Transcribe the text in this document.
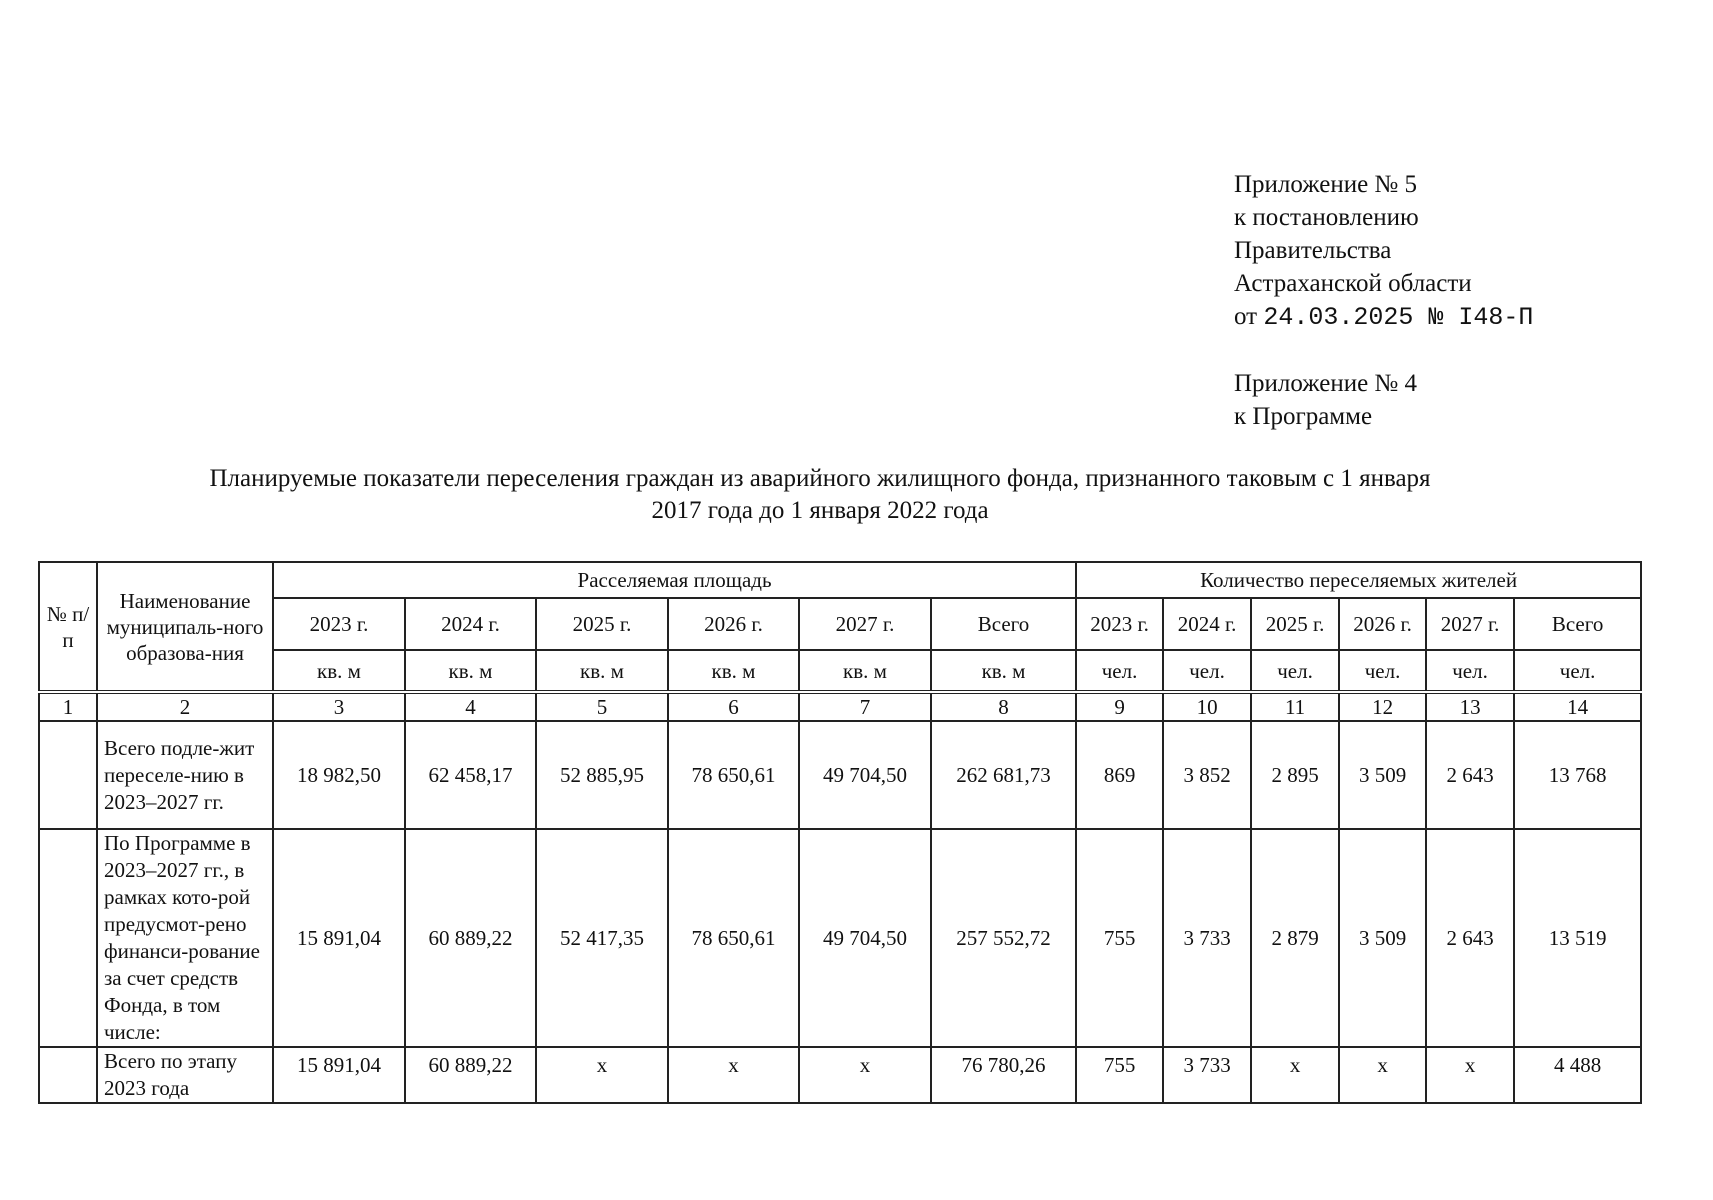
Приложение № 5
к постановлению
Правительства
Астраханской области
от 24.03.2025 № I48-П
Приложение № 4
к Программе
Планируемые показатели переселения граждан из аварийного жилищного фонда, признанного таковым с 1 января
2017 года до 1 января 2022 года
№ п/п	Наименование муниципаль-ного образова-ния	Расселяемая площадь						Количество переселяемых жителей					
		2023 г.	2024 г.	2025 г.	2026 г.	2027 г.	Всего	2023 г.	2024 г.	2025 г.	2026 г.	2027 г.	Всего
		кв. м	кв. м	кв. м	кв. м	кв. м	кв. м	чел.	чел.	чел.	чел.	чел.	чел.
1	2	3	4	5	6	7	8	9	10	11	12	13	14
	Всего подле-жит переселе-нию в 2023–2027 гг.	18 982,50	62 458,17	52 885,95	78 650,61	49 704,50	262 681,73	869	3 852	2 895	3 509	2 643	13 768
	По Программе в 2023–2027 гг., в рамках кото-рой предусмот-рено финанси-рование за счет средств Фонда, в том числе:	15 891,04	60 889,22	52 417,35	78 650,61	49 704,50	257 552,72	755	3 733	2 879	3 509	2 643	13 519
	Всего по этапу 2023 года	15 891,04	60 889,22	х	х	х	76 780,26	755	3 733	х	х	х	4 488
